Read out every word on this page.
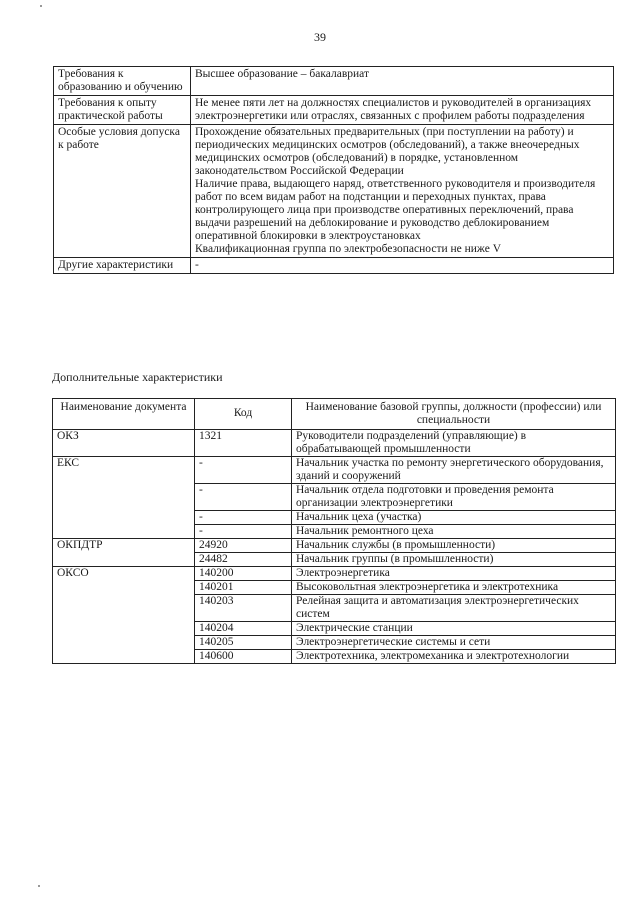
39
Требования к образованию и обучению	Высшее образование – бакалавриат

Требования к опыту практической работы	Не менее пяти лет на должностях специалистов и руководителей в организациях электроэнергетики или отраслях, связанных с профилем работы подразделения

Особые условия допуска к работе	Прохождение обязательных предварительных (при поступлении на работу) и периодических медицинских осмотров (обследований), а также внеочередных медицинских осмотров (обследований) в порядке, установленном законодательством Российской Федерации
Наличие права, выдающего наряд, ответственного руководителя и производителя работ по всем видам работ на подстанции и переходных пунктах, права контролирующего лица при производстве оперативных переключений, права выдачи разрешений на деблокирование и руководство деблокированием оперативной блокировки в электроустановках
Квалификационная группа по электробезопасности не ниже V

Другие характеристики	-
Дополнительные характеристики
Наименование документа	Код	Наименование базовой группы, должности (профессии) или специальности
ОКЗ	1321	Руководители подразделений (управляющие) в обрабатывающей промышленности
ЕКС	-	Начальник участка по ремонту энергетического оборудования, зданий и сооружений
	-	Начальник отдела подготовки и проведения ремонта организации электроэнергетики
	-	Начальник цеха (участка)
	-	Начальник ремонтного цеха
ОКПДТР	24920	Начальник службы (в промышленности)
	24482	Начальник группы (в промышленности)
ОКСО	140200	Электроэнергетика
	140201	Высоковольтная электроэнергетика и электротехника
	140203	Релейная защита и автоматизация электроэнергетических систем
	140204	Электрические станции
	140205	Электроэнергетические системы и сети
	140600	Электротехника, электромеханика и электротехнологии
